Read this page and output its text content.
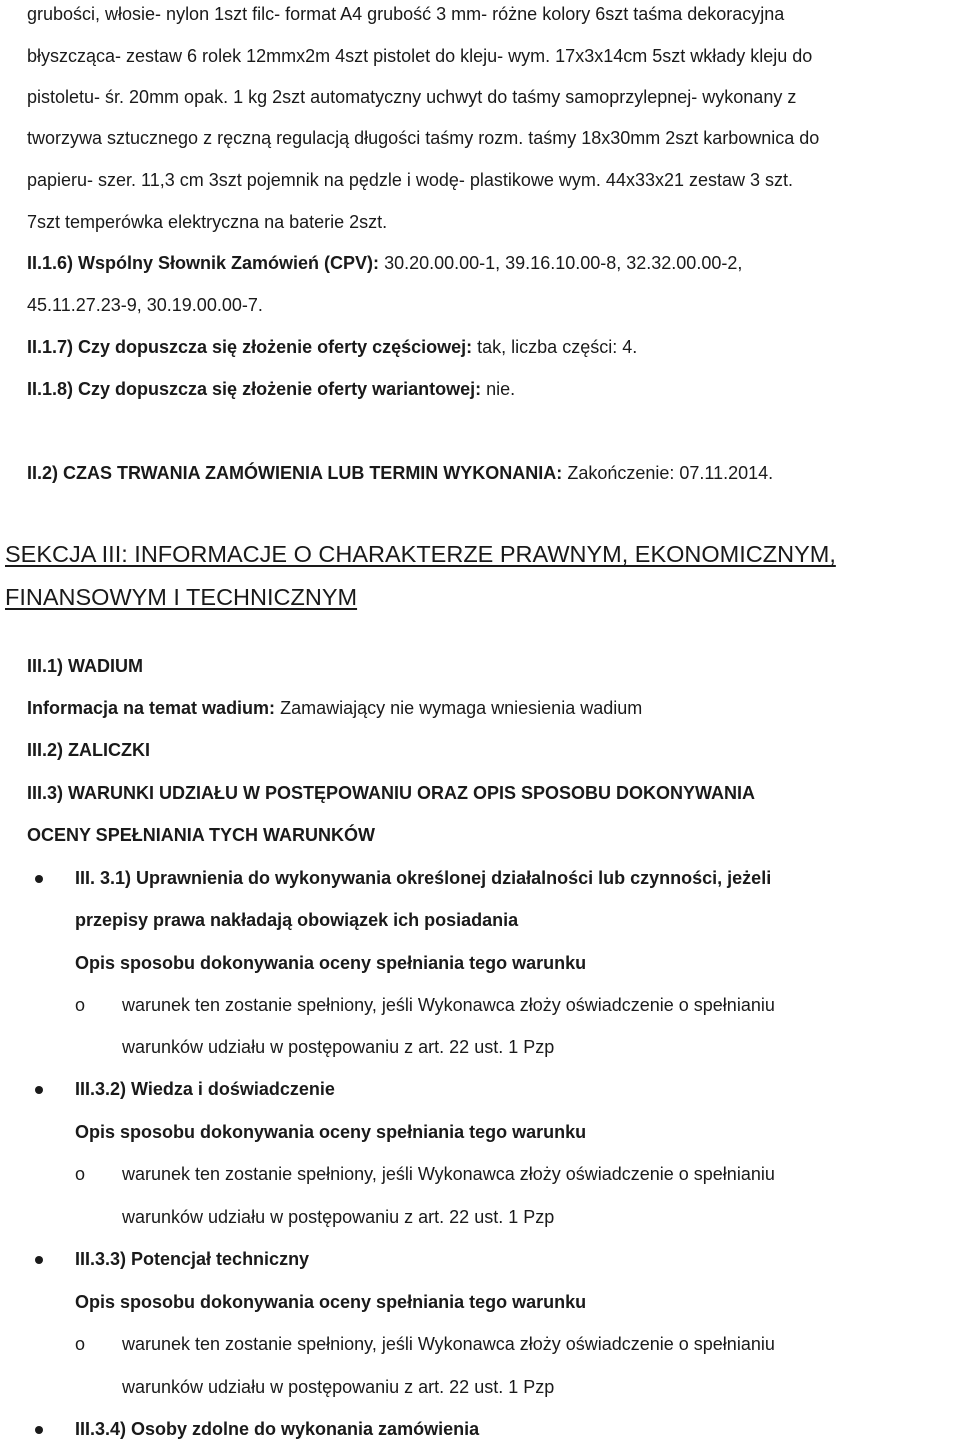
grubości, włosie- nylon 1szt filc- format A4 grubość 3 mm- różne kolory 6szt taśma dekoracyjna
błyszcząca- zestaw 6 rolek 12mmx2m 4szt pistolet do kleju- wym. 17x3x14cm 5szt wkłady kleju do
pistoletu- śr. 20mm opak. 1 kg 2szt automatyczny uchwyt do taśmy samoprzylepnej- wykonany z
tworzywa sztucznego z ręczną regulacją długości taśmy rozm. taśmy 18x30mm 2szt karbownica do
papieru- szer. 11,3 cm 3szt pojemnik na pędzle i wodę- plastikowe wym. 44x33x21 zestaw 3 szt.
7szt temperówka elektryczna na baterie 2szt.
II.1.6) Wspólny Słownik Zamówień (CPV): 30.20.00.00-1, 39.16.10.00-8, 32.32.00.00-2,
45.11.27.23-9, 30.19.00.00-7.
II.1.7) Czy dopuszcza się złożenie oferty częściowej: tak, liczba części: 4.
II.1.8) Czy dopuszcza się złożenie oferty wariantowej: nie.
II.2) CZAS TRWANIA ZAMÓWIENIA LUB TERMIN WYKONANIA: Zakończenie: 07.11.2014.
SEKCJA III: INFORMACJE O CHARAKTERZE PRAWNYM, EKONOMICZNYM,
FINANSOWYM I TECHNICZNYM
III.1) WADIUM
Informacja na temat wadium: Zamawiający nie wymaga wniesienia wadium
III.2) ZALICZKI
III.3) WARUNKI UDZIAŁU W POSTĘPOWANIU ORAZ OPIS SPOSOBU DOKONYWANIA
OCENY SPEŁNIANIA TYCH WARUNKÓW
III. 3.1) Uprawnienia do wykonywania określonej działalności lub czynności, jeżeli
przepisy prawa nakładają obowiązek ich posiadania
Opis sposobu dokonywania oceny spełniania tego warunku
o warunek ten zostanie spełniony, jeśli Wykonawca złoży oświadczenie o spełnianiu
warunków udziału w postępowaniu z art. 22 ust. 1 Pzp
III.3.2) Wiedza i doświadczenie
Opis sposobu dokonywania oceny spełniania tego warunku
o warunek ten zostanie spełniony, jeśli Wykonawca złoży oświadczenie o spełnianiu
warunków udziału w postępowaniu z art. 22 ust. 1 Pzp
III.3.3) Potencjał techniczny
Opis sposobu dokonywania oceny spełniania tego warunku
o warunek ten zostanie spełniony, jeśli Wykonawca złoży oświadczenie o spełnianiu
warunków udziału w postępowaniu z art. 22 ust. 1 Pzp
III.3.4) Osoby zdolne do wykonania zamówienia
